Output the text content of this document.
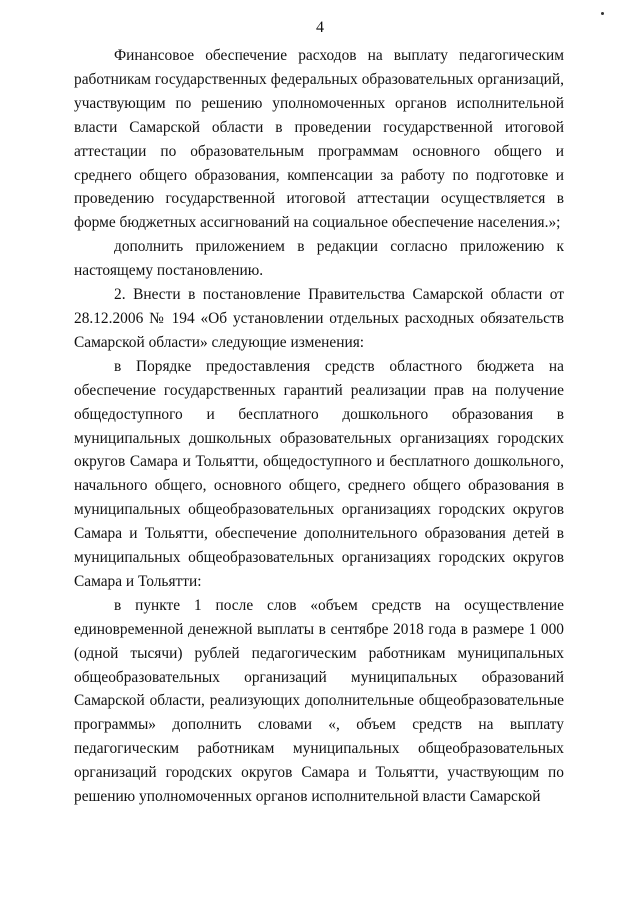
4

Финансовое обеспечение расходов на выплату педагогическим работникам государственных федеральных образовательных организаций, участвующим по решению уполномоченных органов исполнительной власти Самарской области в проведении государственной итоговой аттестации по образовательным программам основного общего и среднего общего образования, компенсации за работу по подготовке и проведению государственной итоговой аттестации осуществляется в форме бюджетных ассигнований на социальное обеспечение населения.»;

дополнить приложением в редакции согласно приложению к настоящему постановлению.

2. Внести в постановление Правительства Самарской области от 28.12.2006 № 194 «Об установлении отдельных расходных обязательств Самарской области» следующие изменения:

в Порядке предоставления средств областного бюджета на обеспечение государственных гарантий реализации прав на получение общедоступного и бесплатного дошкольного образования в муниципальных дошкольных образовательных организациях городских округов Самара и Тольятти, общедоступного и бесплатного дошкольного, начального общего, основного общего, среднего общего образования в муниципальных общеобразовательных организациях городских округов Самара и Тольятти, обеспечение дополнительного образования детей в муниципальных общеобразовательных организациях городских округов Самара и Тольятти:

в пункте 1 после слов «объем средств на осуществление единовременной денежной выплаты в сентябре 2018 года в размере 1 000 (одной тысячи) рублей педагогическим работникам муниципальных общеобразовательных организаций муниципальных образований Самарской области, реализующих дополнительные общеобразовательные программы» дополнить словами «, объем средств на выплату педагогическим работникам муниципальных общеобразовательных организаций городских округов Самара и Тольятти, участвующим по решению уполномоченных органов исполнительной власти Самарской
